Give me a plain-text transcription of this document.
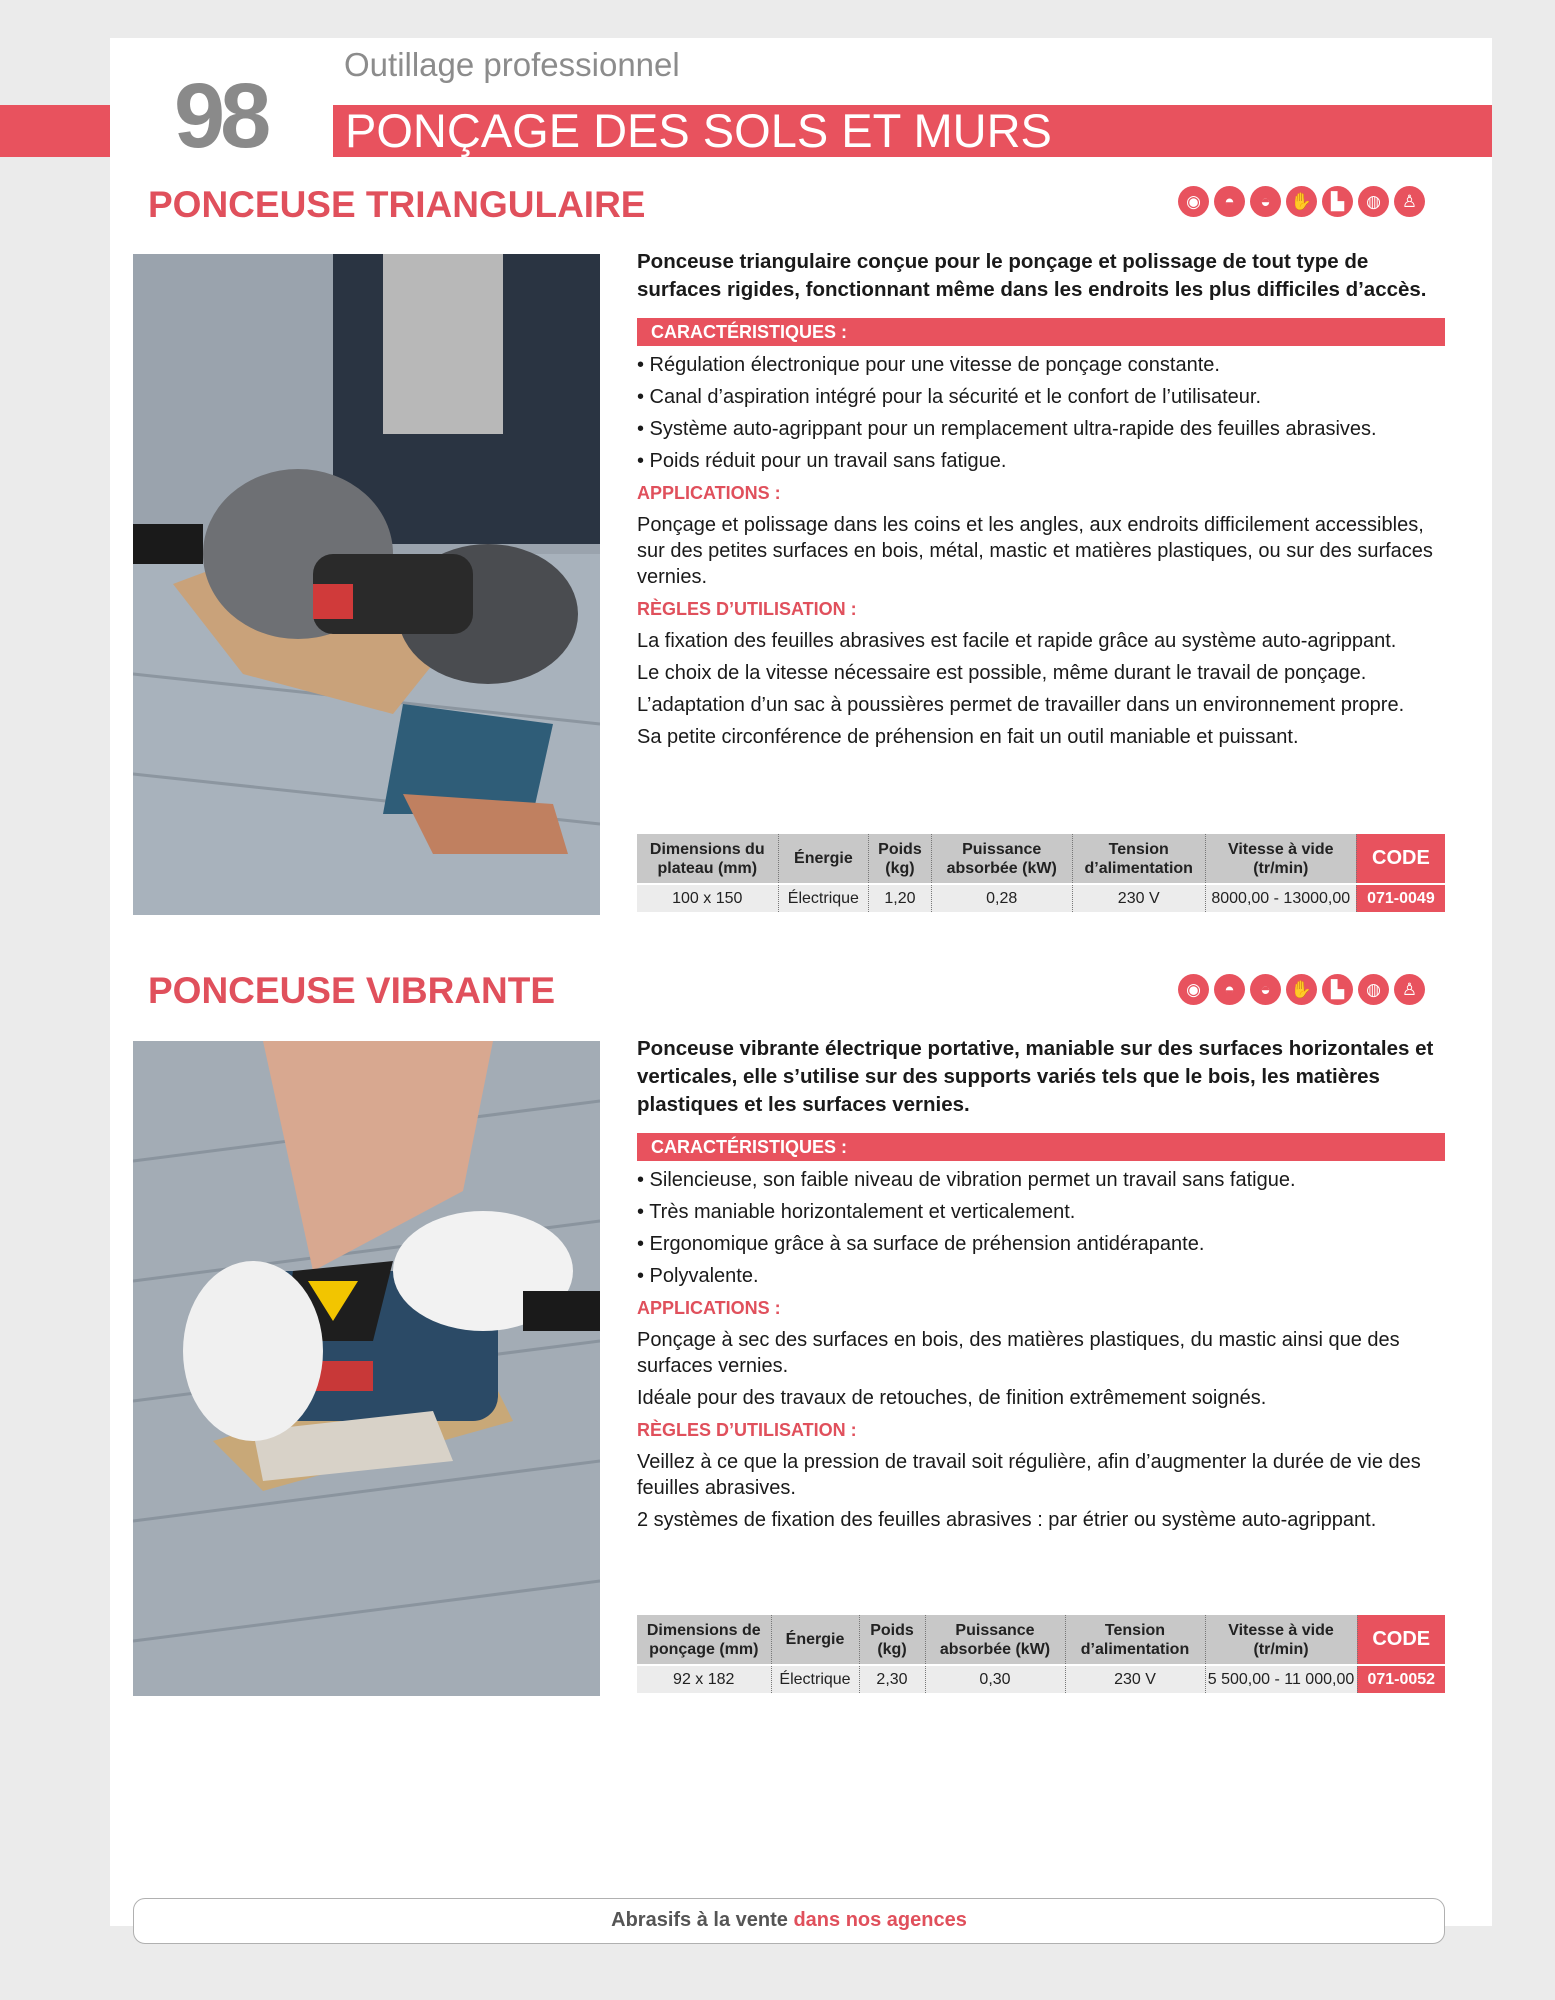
98
Outillage professionnel
PONÇAGE DES SOLS ET MURS
PONCEUSE TRIANGULAIRE	◉	◓	◒	✋	▙	◍	♙
Ponceuse triangulaire conçue pour le ponçage et polissage de tout type de surfaces rigides, fonctionnant même dans les endroits les plus difficiles d’accès.
CARACTÉRISTIQUES :
• Régulation électronique pour une vitesse de ponçage constante.
• Canal d’aspiration intégré pour la sécurité et le confort de l’utilisateur.
• Système auto-agrippant pour un remplacement ultra-rapide des feuilles abrasives.
• Poids réduit pour un travail sans fatigue.
APPLICATIONS :
Ponçage et polissage dans les coins et les angles, aux endroits difficilement accessibles, sur des petites surfaces en bois, métal, mastic et matières plastiques, ou sur des surfaces vernies.
RÈGLES D’UTILISATION :
La fixation des feuilles abrasives est facile et rapide grâce au système auto-agrippant.
Le choix de la vitesse nécessaire est possible, même durant le travail de ponçage.
L’adaptation d’un sac à poussières permet de travailler dans un environnement propre.
Sa petite circonférence de préhension en fait un outil maniable et puissant.
Dimensions du plateau (mm)	Énergie	Poids (kg)	Puissance absorbée (kW)	Tension d’alimentation	Vitesse à vide (tr/min)	CODE
100 x 150	Électrique	1,20	0,28	230 V	8000,00 - 13000,00	071-0049
PONCEUSE VIBRANTE	◉	◓	◒	✋	▙	◍	♙
Ponceuse vibrante électrique portative, maniable sur des surfaces horizontales et verticales, elle s’utilise sur des supports variés tels que le bois, les matières plastiques et les surfaces vernies.
CARACTÉRISTIQUES :
• Silencieuse, son faible niveau de vibration permet un travail sans fatigue.
• Très maniable horizontalement et verticalement.
• Ergonomique grâce à sa surface de préhension antidérapante.
• Polyvalente.
APPLICATIONS :
Ponçage à sec des surfaces en bois, des matières plastiques, du mastic ainsi que des surfaces vernies.
Idéale pour des travaux de retouches, de finition extrêmement soignés.
RÈGLES D’UTILISATION :
Veillez à ce que la pression de travail soit régulière, afin d’augmenter la durée de vie des feuilles abrasives.
2 systèmes de fixation des feuilles abrasives : par étrier ou système auto-agrippant.
Dimensions de ponçage (mm)	Énergie	Poids (kg)	Puissance absorbée (kW)	Tension d’alimentation	Vitesse à vide (tr/min)	CODE
92 x 182	Électrique	2,30	0,30	230 V	5 500,00 - 11 000,00	071-0052
Abrasifs à la vente dans nos agences
